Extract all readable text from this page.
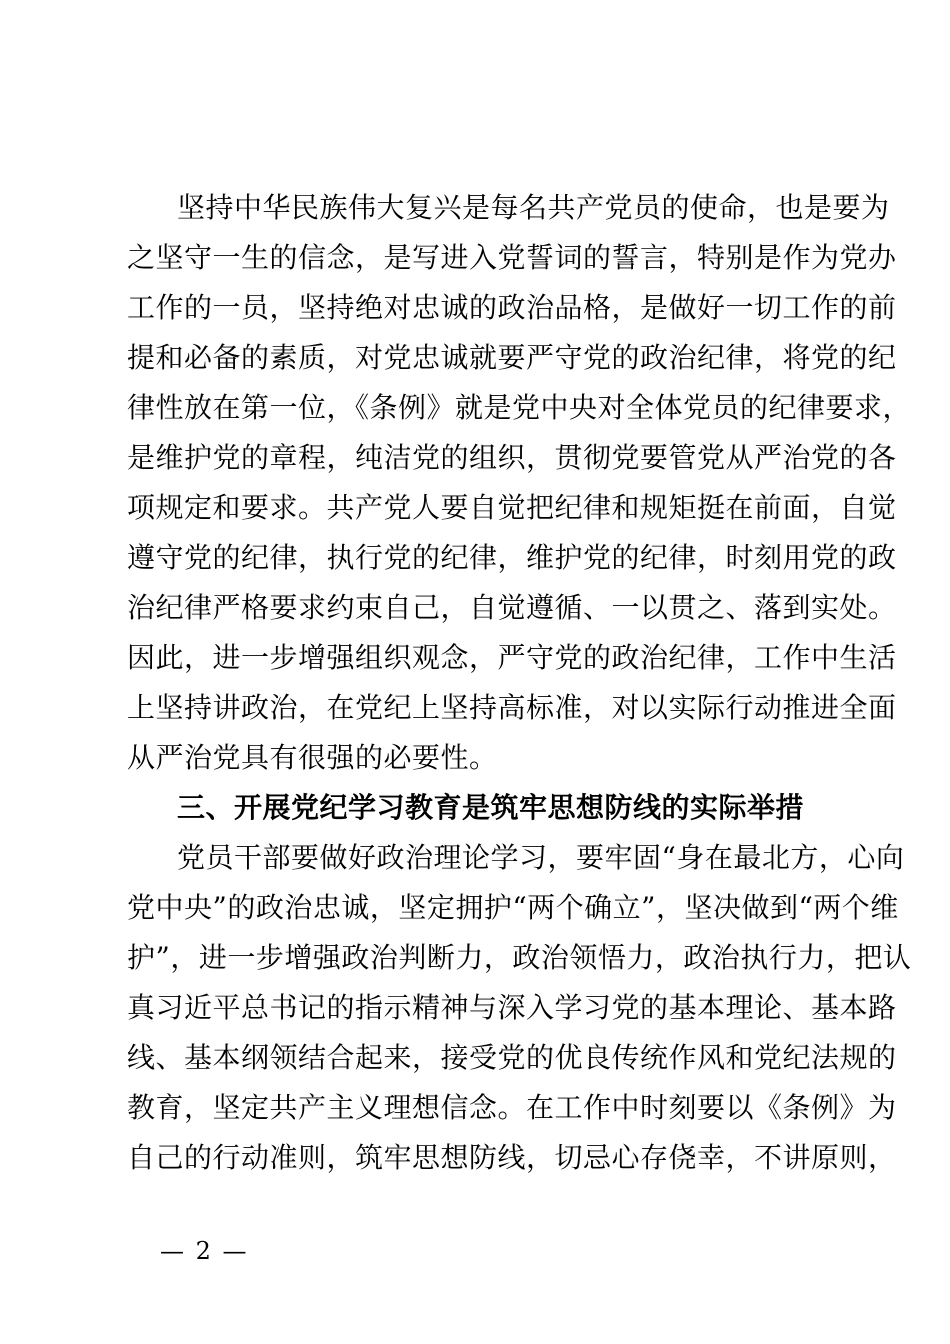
坚持中华民族伟大复兴是每名共产党员的使命，也是要为
之坚守一生的信念，是写进入党誓词的誓言，特别是作为党办
工作的一员，坚持绝对忠诚的政治品格，是做好一切工作的前
提和必备的素质，对党忠诚就要严守党的政治纪律，将党的纪
律性放在第一位，《条例》就是党中央对全体党员的纪律要求，
是维护党的章程，纯洁党的组织，贯彻党要管党从严治党的各
项规定和要求。共产党人要自觉把纪律和规矩挺在前面，自觉
遵守党的纪律，执行党的纪律，维护党的纪律，时刻用党的政
治纪律严格要求约束自己，自觉遵循、一以贯之、落到实处。
因此，进一步增强组织观念，严守党的政治纪律，工作中生活
上坚持讲政治，在党纪上坚持高标准，对以实际行动推进全面
从严治党具有很强的必要性。
三、开展党纪学习教育是筑牢思想防线的实际举措
党员干部要做好政治理论学习，要牢固“身在最北方，心向
党中央”的政治忠诚，坚定拥护“两个确立”，坚决做到“两个维
护”，进一步增强政治判断力，政治领悟力，政治执行力，把认
真习近平总书记的指示精神与深入学习党的基本理论、基本路
线、基本纲领结合起来，接受党的优良传统作风和党纪法规的
教育，坚定共产主义理想信念。在工作中时刻要以《条例》为
自己的行动准则，筑牢思想防线，切忌心存侥幸，不讲原则，
— 2 —
